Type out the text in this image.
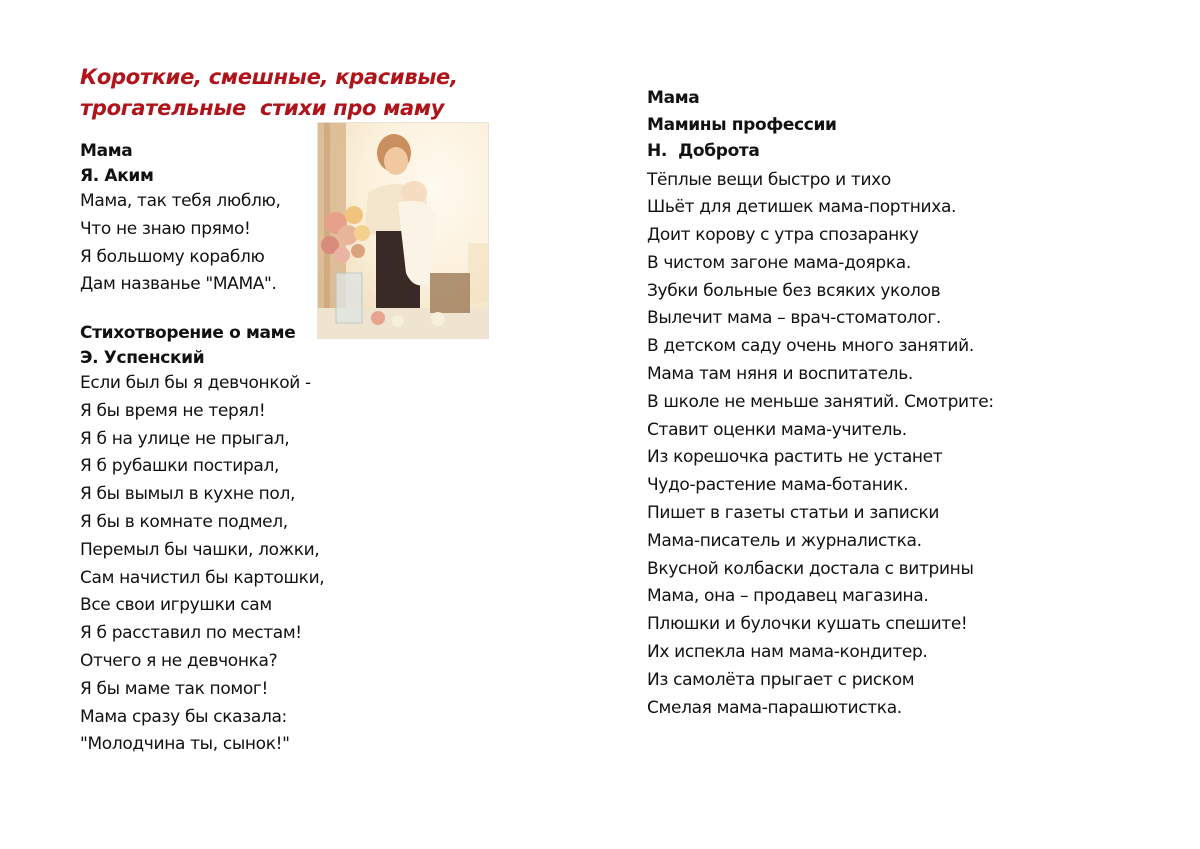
Короткие, смешные, красивые,
трогательные  стихи про маму
Мама
Я. Аким
Мама, так тебя люблю,
Что не знаю прямо!
Я большому кораблю
Дам названье "МАМА".
Стихотворение о маме
Э. Успенский
Если был бы я девчонкой -
Я бы время не терял!
Я б на улице не прыгал,
Я б рубашки постирал,
Я бы вымыл в кухне пол,
Я бы в комнате подмел,
Перемыл бы чашки, ложки,
Сам начистил бы картошки,
Все свои игрушки сам
Я б расставил по местам!
Отчего я не девчонка?
Я бы маме так помог!
Мама сразу бы сказала:
"Молодчина ты, сынок!"
Мама
Мамины профессии
Н.  Доброта
Тёплые вещи быстро и тихо
Шьёт для детишек мама-портниха.
Доит корову с утра спозаранку
В чистом загоне мама-доярка.
Зубки больные без всяких уколов
Вылечит мама – врач-стоматолог.
В детском саду очень много занятий.
Мама там няня и воспитатель.
В школе не меньше занятий. Смотрите:
Ставит оценки мама-учитель.
Из корешочка растить не устанет
Чудо-растение мама-ботаник.
Пишет в газеты статьи и записки
Мама-писатель и журналистка.
Вкусной колбаски достала с витрины
Мама, она – продавец магазина.
Плюшки и булочки кушать спешите!
Их испекла нам мама-кондитер.
Из самолёта прыгает с риском
Смелая мама-парашютистка.
